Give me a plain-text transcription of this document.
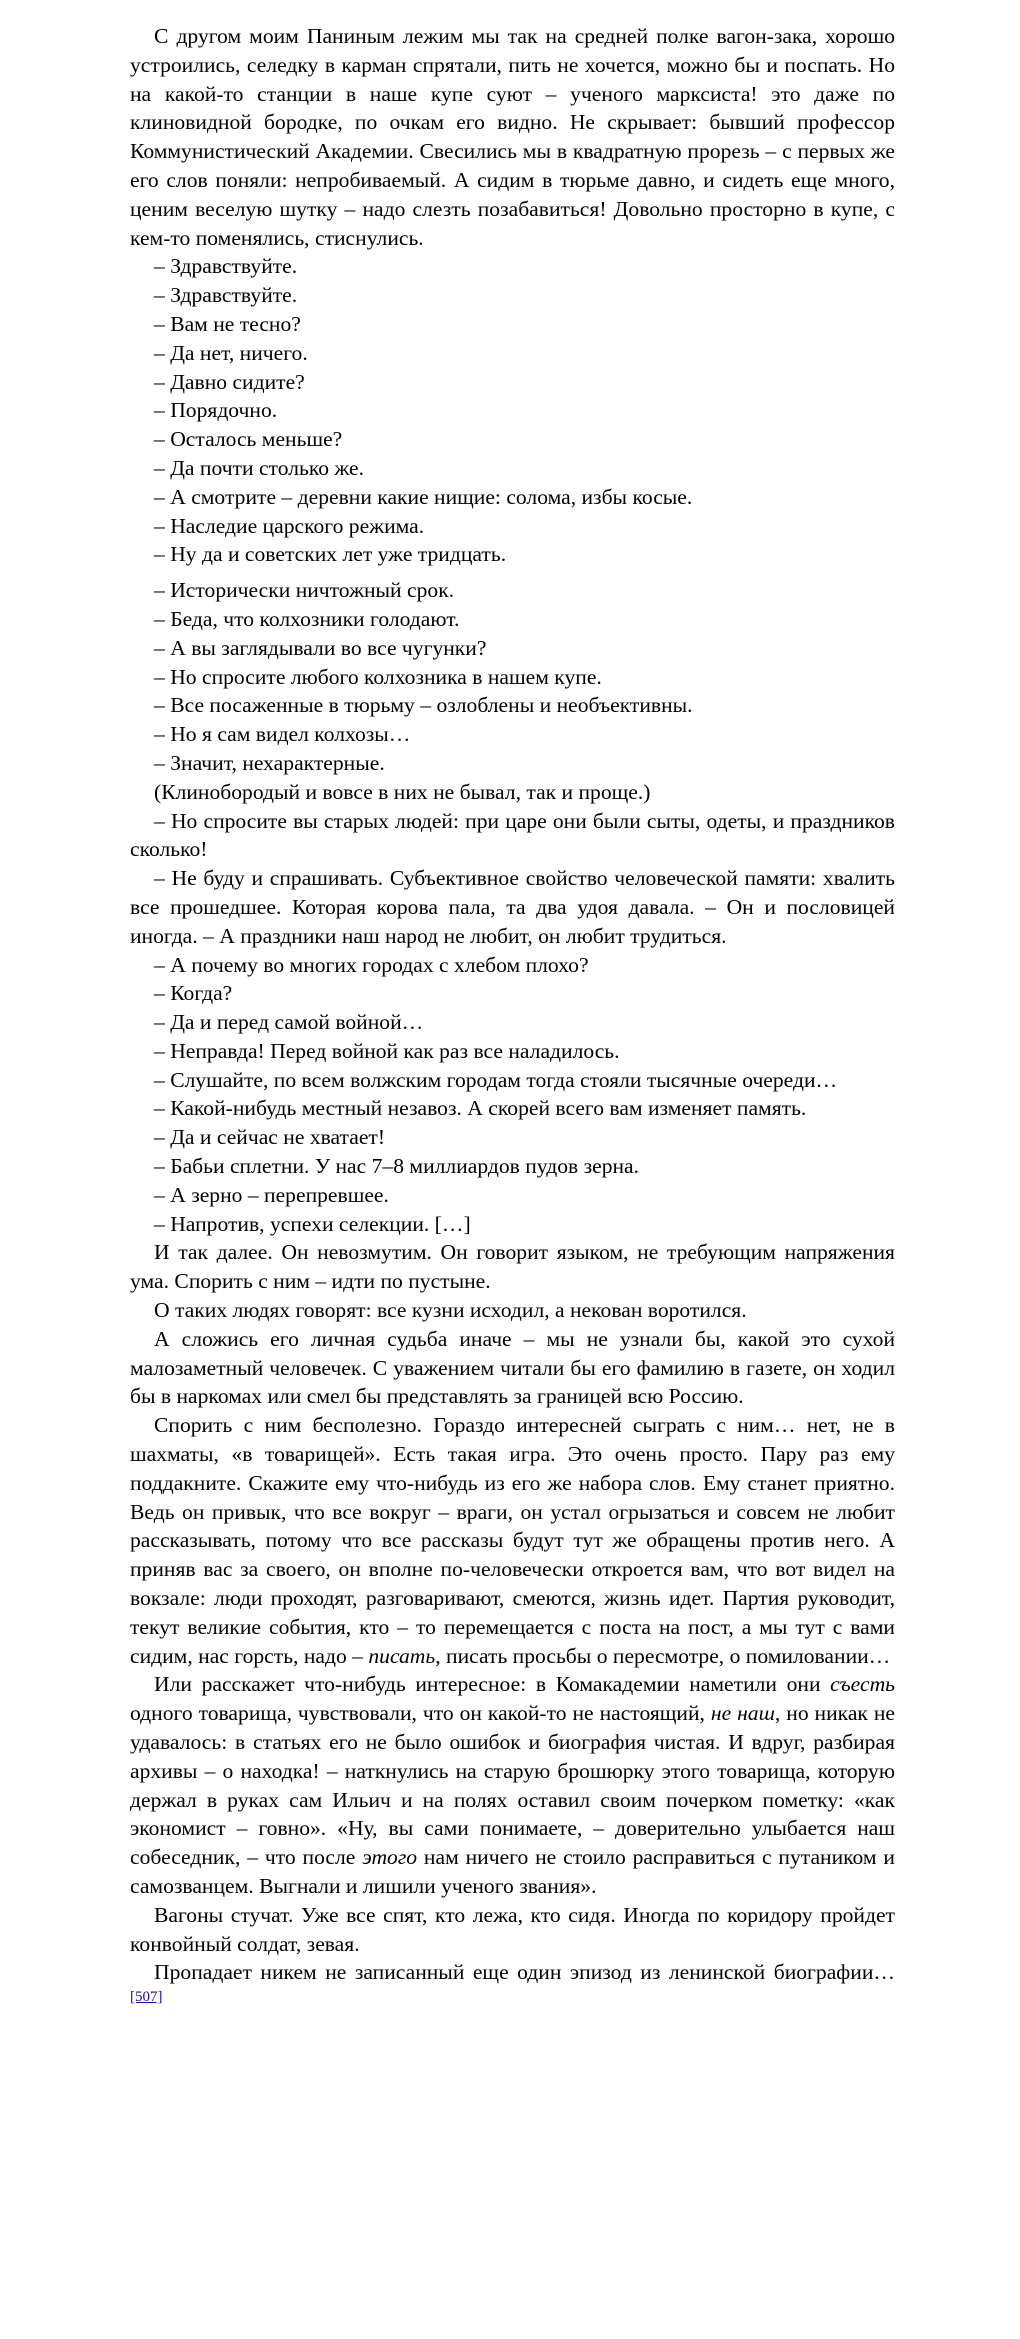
С другом моим Паниным лежим мы так на средней полке вагон-зака, хорошо устроились, селедку в карман спрятали, пить не хочется, можно бы и поспать. Но на какой-то станции в наше купе суют – ученого марксиста! это даже по клиновидной бородке, по очкам его видно. Не скрывает: бывший профессор Коммунистический Академии. Свесились мы в квадратную прорезь – с первых же его слов поняли: непробиваемый. А сидим в тюрьме давно, и сидеть еще много, ценим веселую шутку – надо слезть позабавиться! Довольно просторно в купе, с кем-то поменялись, стиснулись.

– Здравствуйте.

– Здравствуйте.

– Вам не тесно?

– Да нет, ничего.

– Давно сидите?

– Порядочно.

– Осталось меньше?

– Да почти столько же.

– А смотрите – деревни какие нищие: солома, избы косые.

– Наследие царского режима.

– Ну да и советских лет уже тридцать.

– Исторически ничтожный срок.

– Беда, что колхозники голодают.

– А вы заглядывали во все чугунки?

– Но спросите любого колхозника в нашем купе.

– Все посаженные в тюрьму – озлоблены и необъективны.

– Но я сам видел колхозы…

– Значит, нехарактерные.

(Клинобородый и вовсе в них не бывал, так и проще.)

– Но спросите вы старых людей: при царе они были сыты, одеты, и праздников сколько!

– Не буду и спрашивать. Субъективное свойство человеческой памяти: хвалить все прошедшее. Которая корова пала, та два удоя давала. – Он и пословицей иногда. – А праздники наш народ не любит, он любит трудиться.

– А почему во многих городах с хлебом плохо?

– Когда?

– Да и перед самой войной…

– Неправда! Перед войной как раз все наладилось.

– Слушайте, по всем волжским городам тогда стояли тысячные очереди…

– Какой-нибудь местный незавоз. А скорей всего вам изменяет память.

– Да и сейчас не хватает!

– Бабьи сплетни. У нас 7–8 миллиардов пудов зерна.

– А зерно – перепревшее.

– Напротив, успехи селекции. […]

И так далее. Он невозмутим. Он говорит языком, не требующим напряжения ума. Спорить с ним – идти по пустыне.

О таких людях говорят: все кузни исходил, а некован воротился.

А сложись его личная судьба иначе – мы не узнали бы, какой это сухой малозаметный человечек. С уважением читали бы его фамилию в газете, он ходил бы в наркомах или смел бы представлять за границей всю Россию.

Спорить с ним бесполезно. Гораздо интересней сыграть с ним… нет, не в шахматы, «в товарищей». Есть такая игра. Это очень просто. Пару раз ему поддакните. Скажите ему что-нибудь из его же набора слов. Ему станет приятно. Ведь он привык, что все вокруг – враги, он устал огрызаться и совсем не любит рассказывать, потому что все рассказы будут тут же обращены против него. А приняв вас за своего, он вполне по-человечески откроется вам, что вот видел на вокзале: люди проходят, разговаривают, смеются, жизнь идет. Партия руководит, текут великие события, кто – то перемещается с поста на пост, а мы тут с вами сидим, нас горсть, надо – писать, писать просьбы о пересмотре, о помиловании…

Или расскажет что-нибудь интересное: в Комакадемии наметили они съесть одного товарища, чувствовали, что он какой-то не настоящий, не наш, но никак не удавалось: в статьях его не было ошибок и биография чистая. И вдруг, разбирая архивы – о находка! – наткнулись на старую брошюрку этого товарища, которую держал в руках сам Ильич и на полях оставил своим почерком пометку: «как экономист – говно». «Ну, вы сами понимаете, – доверительно улыбается наш собеседник, – что после этого нам ничего не стоило расправиться с путаником и самозванцем. Выгнали и лишили ученого звания».

Вагоны стучат. Уже все спят, кто лежа, кто сидя. Иногда по коридору пройдет конвойный солдат, зевая.

Пропадает никем не записанный еще один эпизод из ленинской биографии…[507]
